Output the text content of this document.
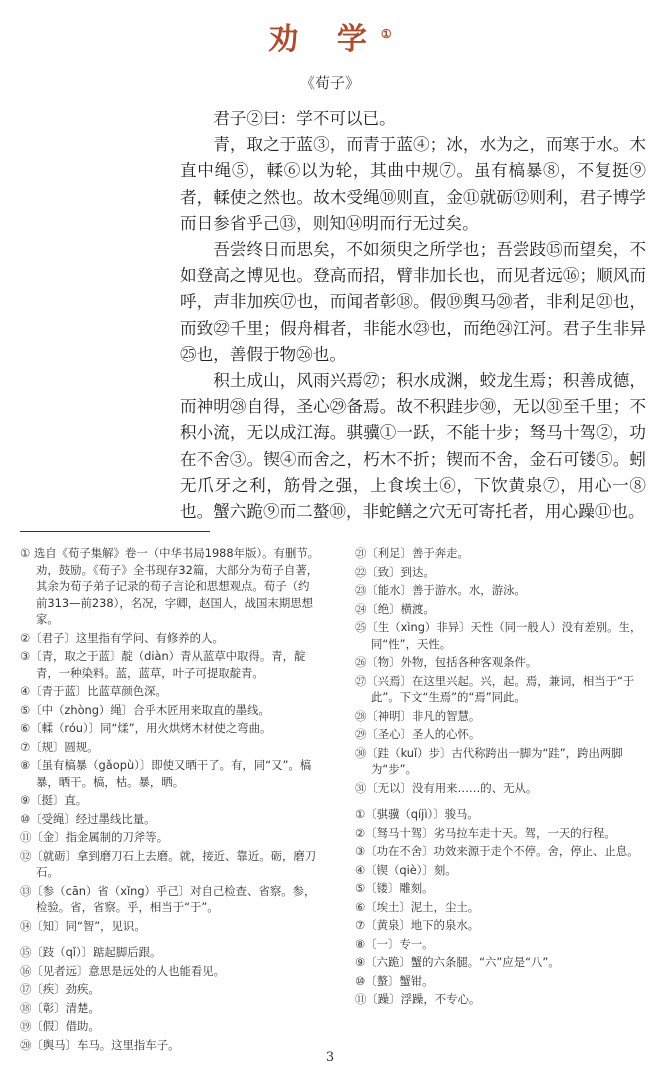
劝 学①
《荀子》

君子②曰：学不可以已。

青，取之于蓝③，而青于蓝④；冰，水为之，而寒于水。木直中绳⑤，輮⑥以为轮，其曲中规⑦。虽有槁暴⑧，不复挺⑨者，輮使之然也。故木受绳⑩则直，金⑪就砺⑫则利，君子博学而日参省乎己⑬，则知⑭明而行无过矣。

吾尝终日而思矣，不如须臾之所学也；吾尝跂⑮而望矣，不如登高之博见也。登高而招，臂非加长也，而见者远⑯；顺风而呼，声非加疾⑰也，而闻者彰⑱。假⑲舆马⑳者，非利足㉑也，而致㉒千里；假舟楫者，非能水㉓也，而绝㉔江河。君子生非异㉕也，善假于物㉖也。

积土成山，风雨兴焉㉗；积水成渊，蛟龙生焉；积善成德，而神明㉘自得，圣心㉙备焉。故不积跬步㉚，无以㉛至千里；不积小流，无以成江海。骐骥①一跃，不能十步；驽马十驾②，功在不舍③。锲④而舍之，朽木不折；锲而不舍，金石可镂⑤。蚓无爪牙之利，筋骨之强，上食埃土⑥，下饮黄泉⑦，用心一⑧也。蟹六跪⑨而二螯⑩，非蛇鳝之穴无可寄托者，用心躁⑪也。

① 选自《荀子集解》卷一（中华书局1988年版）。有删节。劝，鼓励。《荀子》全书现存32篇，大部分为荀子自著，其余为荀子弟子记录的荀子言论和思想观点。荀子（约前313—前238），名况，字卿，赵国人，战国末期思想家。
②〔君子〕这里指有学问、有修养的人。
③〔青，取之于蓝〕靛（diàn）青从蓝草中取得。青，靛青，一种染料。蓝，蓝草，叶子可提取靛青。
④〔青于蓝〕比蓝草颜色深。
⑤〔中（zhòng）绳〕合乎木匠用来取直的墨线。
⑥〔輮（róu）〕同“煣”，用火烘烤木材使之弯曲。
⑦〔规〕圆规。
⑧〔虽有槁暴（gǎopù）〕即使又晒干了。有，同“又”。槁暴，晒干。槁，枯。暴，晒。
⑨〔挺〕直。
⑩〔受绳〕经过墨线比量。
⑪〔金〕指金属制的刀斧等。
⑫〔就砺〕拿到磨刀石上去磨。就，接近、靠近。砺，磨刀石。
⑬〔参（cān）省（xǐng）乎己〕对自己检查、省察。参，检验。省，省察。乎，相当于“于”。
⑭〔知〕同“智”，见识。
⑮〔跂（qǐ）〕踮起脚后跟。
⑯〔见者远〕意思是远处的人也能看见。
⑰〔疾〕劲疾。
⑱〔彰〕清楚。
⑲〔假〕借助。
⑳〔舆马〕车马。这里指车子。
㉑〔利足〕善于奔走。
㉒〔致〕到达。
㉓〔能水〕善于游水。水，游泳。
㉔〔绝〕横渡。
㉕〔生（xìng）非异〕天性（同一般人）没有差别。生，同“性”，天性。
㉖〔物〕外物，包括各种客观条件。
㉗〔兴焉〕在这里兴起。兴，起。焉，兼词，相当于“于此”。下文“生焉”的“焉”同此。
㉘〔神明〕非凡的智慧。
㉙〔圣心〕圣人的心怀。
㉚〔跬（kuǐ）步〕古代称跨出一脚为“跬”，跨出两脚为“步”。
㉛〔无以〕没有用来……的、无从。
①〔骐骥（qíjì）〕骏马。
②〔驽马十驾〕劣马拉车走十天。驾，一天的行程。
③〔功在不舍〕功效来源于走个不停。舍，停止、止息。
④〔锲（qiè）〕刻。
⑤〔镂〕雕刻。
⑥〔埃土〕泥土，尘土。
⑦〔黄泉〕地下的泉水。
⑧〔一〕专一。
⑨〔六跪〕蟹的六条腿。“六”应是“八”。
⑩〔螯〕蟹钳。
⑪〔躁〕浮躁，不专心。
3
